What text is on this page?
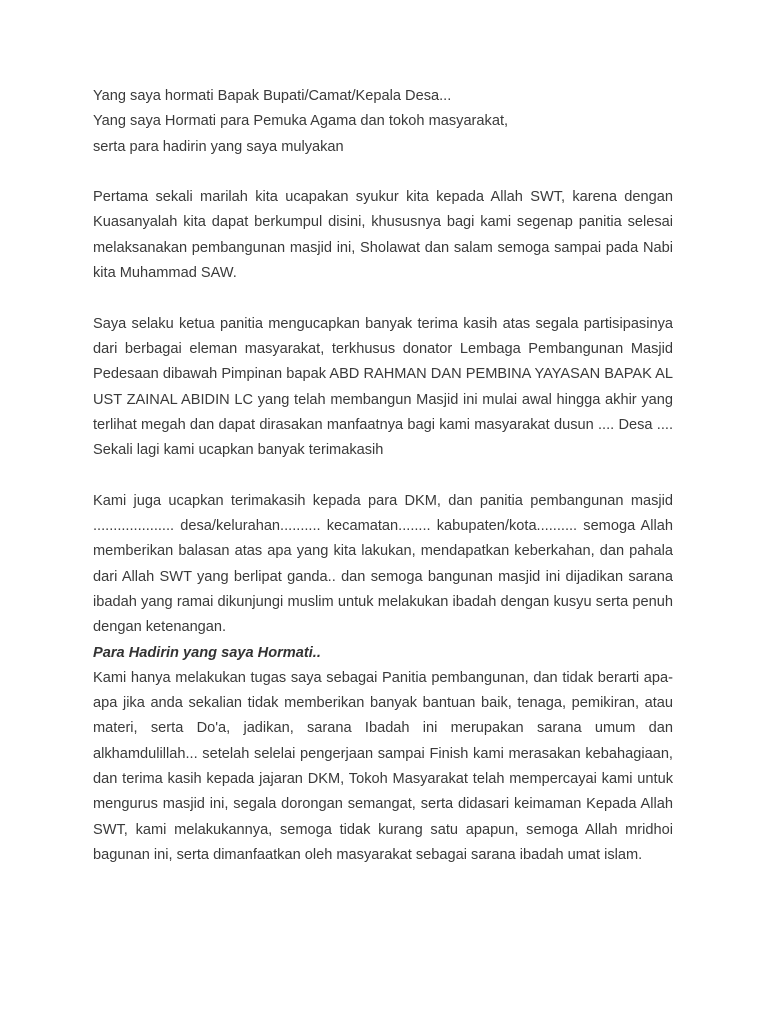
Yang saya hormati Bapak Bupati/Camat/Kepala Desa...
Yang saya Hormati para Pemuka Agama dan tokoh masyarakat,
serta para hadirin yang saya mulyakan

Pertama sekali marilah kita ucapakan syukur kita kepada Allah SWT, karena dengan Kuasanyalah kita dapat berkumpul disini, khususnya bagi kami segenap panitia selesai melaksanakan pembangunan masjid ini, Sholawat dan salam semoga sampai pada Nabi kita Muhammad SAW.

Saya selaku ketua panitia mengucapkan banyak terima kasih atas segala partisipasinya dari berbagai eleman masyarakat, terkhusus donator Lembaga Pembangunan Masjid Pedesaan dibawah Pimpinan bapak ABD RAHMAN DAN PEMBINA YAYASAN BAPAK AL UST ZAINAL ABIDIN LC yang telah membangun Masjid ini mulai awal hingga akhir yang terlihat megah dan dapat dirasakan manfaatnya bagi kami masyarakat dusun .... Desa .... Sekali lagi kami ucapkan banyak terimakasih

Kami juga ucapkan terimakasih kepada para DKM, dan panitia pembangunan masjid .................... desa/kelurahan.......... kecamatan........ kabupaten/kota.......... semoga Allah memberikan balasan atas apa yang kita lakukan, mendapatkan keberkahan, dan pahala dari Allah SWT yang berlipat ganda.. dan semoga bangunan masjid ini dijadikan sarana ibadah yang ramai dikunjungi muslim untuk melakukan ibadah dengan kusyu serta penuh dengan ketenangan.

Para Hadirin yang saya Hormati..

Kami hanya melakukan tugas saya sebagai Panitia pembangunan, dan tidak berarti apa-apa jika anda sekalian tidak memberikan banyak bantuan baik, tenaga, pemikiran, atau materi, serta Do'a, jadikan, sarana Ibadah ini merupakan sarana umum dan alkhamdulillah... setelah selelai pengerjaan sampai Finish kami merasakan kebahagiaan, dan terima kasih kepada jajaran DKM, Tokoh Masyarakat telah mempercayai kami untuk mengurus masjid ini, segala dorongan semangat, serta didasari keimaman Kepada Allah SWT, kami melakukannya, semoga tidak kurang satu apapun, semoga Allah mridhoi bagunan ini, serta dimanfaatkan oleh masyarakat sebagai sarana ibadah umat islam.
